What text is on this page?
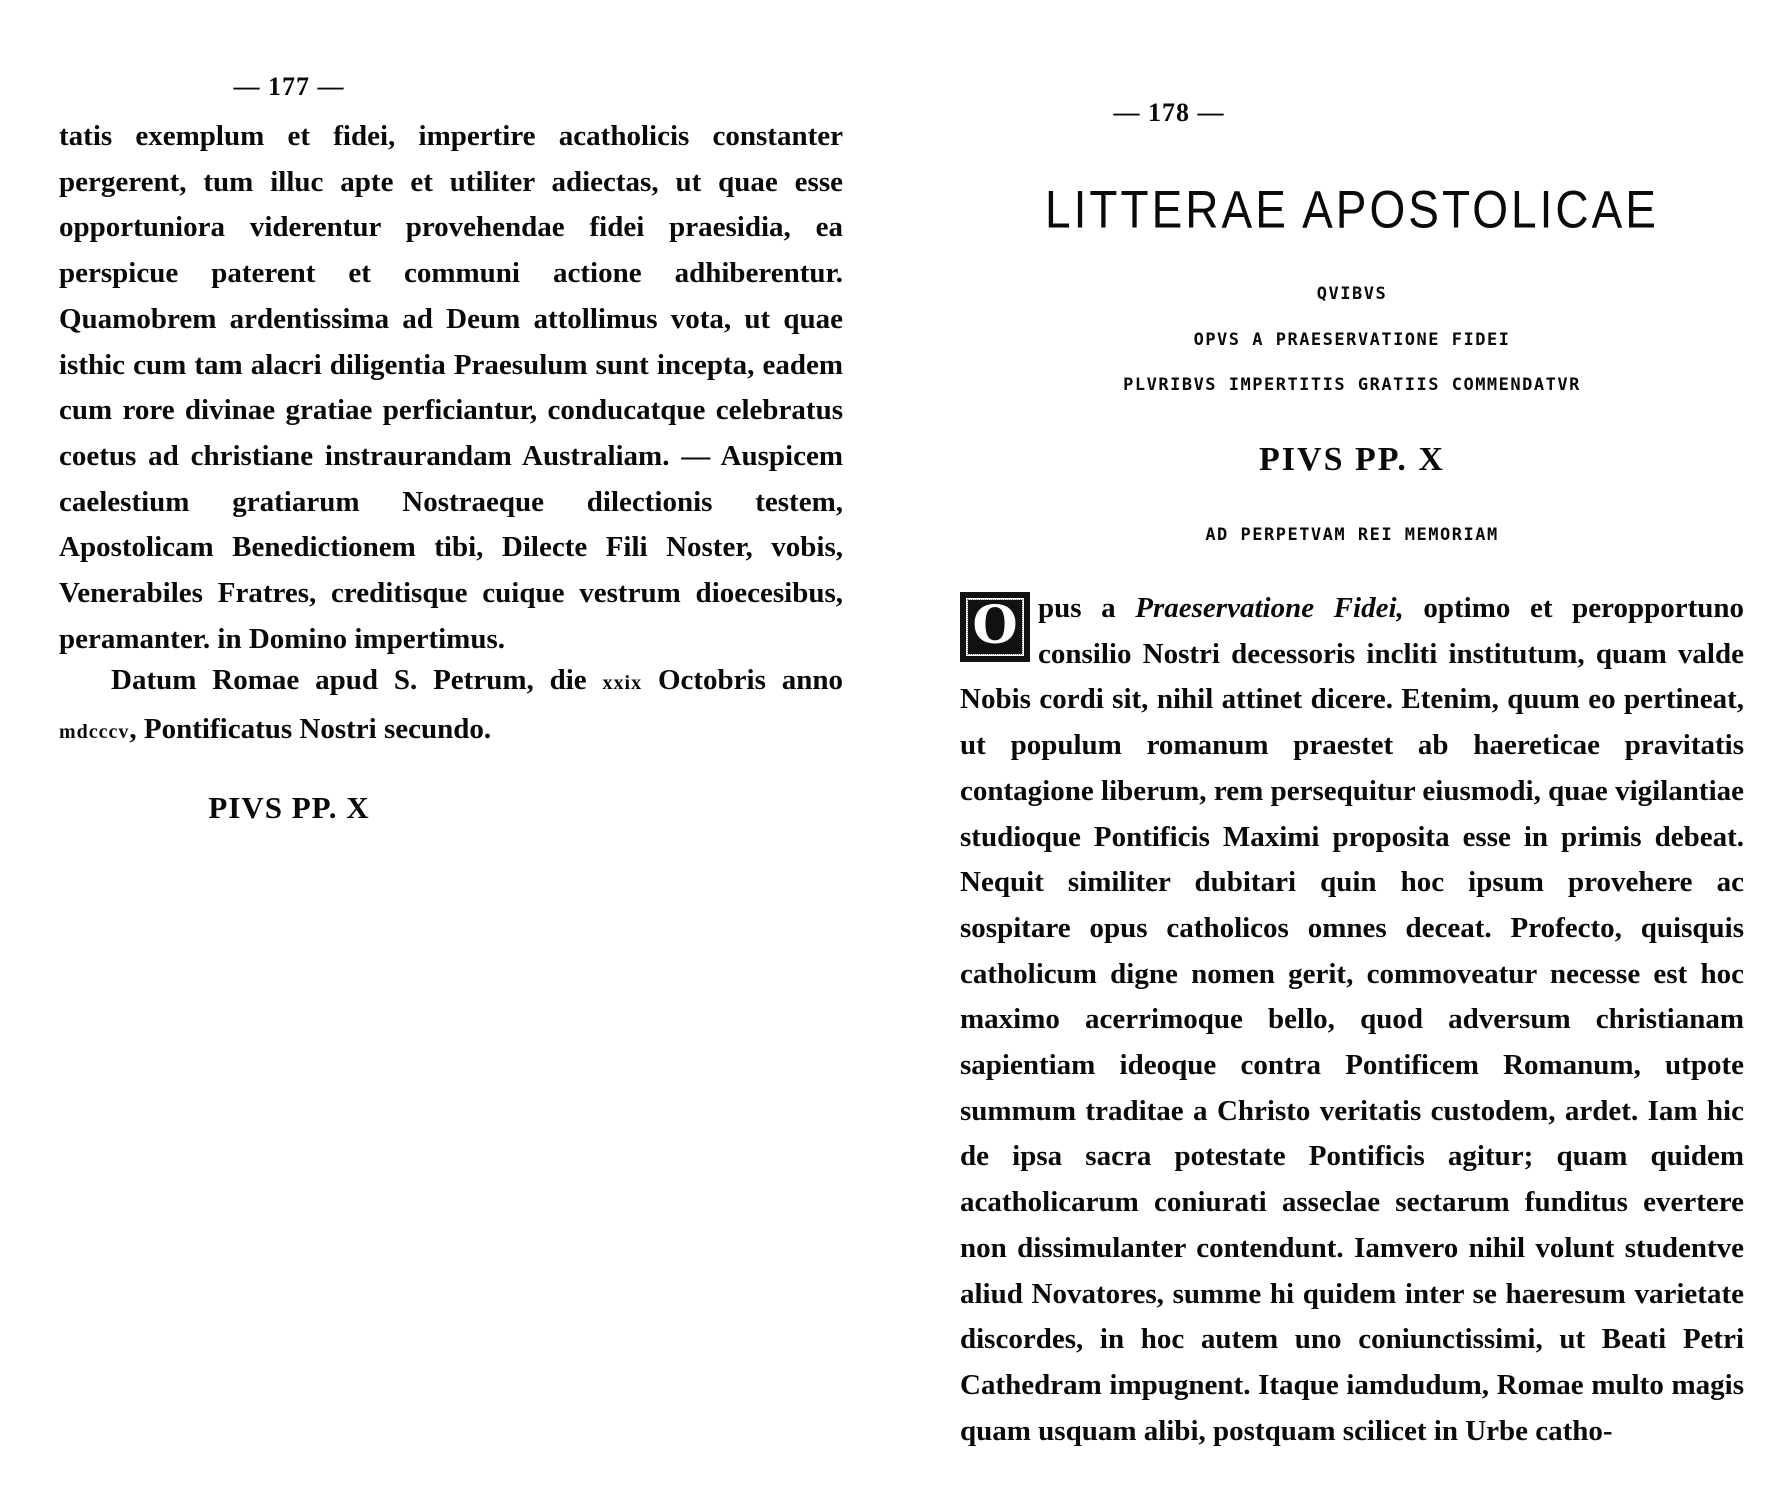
— 177 —

tatis exemplum et fidei, impertire acatholicis constanter pergerent, tum illuc apte et utiliter adiectas, ut quae esse opportuniora viderentur provehendae fidei praesidia, ea perspicue paterent et communi actione adhiberentur. Quamobrem ardentissima ad Deum attollimus vota, ut quae isthic cum tam alacri diligentia Praesulum sunt incepta, eadem cum rore divinae gratiae perficiantur, conducatque celebratus coetus ad christiane instraurandam Australiam. — Auspicem caelestium gratiarum Nostraeque dilectionis testem, Apostolicam Benedictionem tibi, Dilecte Fili Noster, vobis, Venerabiles Fratres, creditisque cuique vestrum dioecesibus, peramanter. in Domino impertimus.

Datum Romae apud S. Petrum, die xxix Octobris anno mdcccv, Pontificatus Nostri secundo.

PIVS PP. X
— 178 —
LITTERAE APOSTOLICAE
QVIBVS
OPVS A PRAESERVATIONE FIDEI
PLVRIBVS IMPERTITIS GRATIIS COMMENDATVR
PIVS PP. X
AD PERPETVAM REI MEMORIAM

O pus a Praeservatione Fidei, optimo et peropportuno consilio Nostri decessoris incliti institutum, quam valde Nobis cordi sit, nihil attinet dicere. Etenim, quum eo pertineat, ut populum romanum praestet ab haereticae pravitatis contagione liberum, rem persequitur eiusmodi, quae vigilantiae studioque Pontificis Maximi proposita esse in primis debeat. Nequit similiter dubitari quin hoc ipsum provehere ac sospitare opus catholicos omnes deceat. Profecto, quisquis catholicum digne nomen gerit, commoveatur necesse est hoc maximo acerrimoque bello, quod adversum christianam sapientiam ideoque contra Pontificem Romanum, utpote summum traditae a Christo veritatis custodem, ardet. Iam hic de ipsa sacra potestate Pontificis agitur; quam quidem acatholicarum coniurati asseclae sectarum funditus evertere non dissimulanter contendunt. Iamvero nihil volunt studentve aliud Novatores, summe hi quidem inter se haeresum varietate discordes, in hoc autem uno coniunctissimi, ut Beati Petri Cathedram impugnent. Itaque iamdudum, Romae multo magis quam usquam alibi, postquam scilicet in Urbe catho-
